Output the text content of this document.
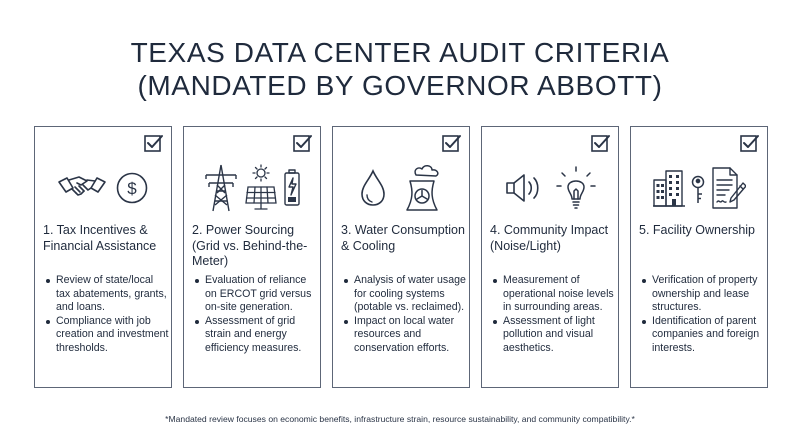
TEXAS DATA CENTER AUDIT CRITERIA
(MANDATED BY GOVERNOR ABBOTT)
$
1. Tax Incentives & Financial Assistance
Review of state/local tax abatements, grants, and loans.
Compliance with job creation and investment thresholds.
2. Power Sourcing (Grid vs. Behind-the-Meter)
Evaluation of reliance on ERCOT grid versus on-site generation.
Assessment of grid strain and energy efficiency measures.
3. Water Consumption & Cooling
Analysis of water usage for cooling systems (potable vs. reclaimed).
Impact on local water resources and conservation efforts.
4. Community Impact (Noise/Light)
Measurement of operational noise levels in surrounding areas.
Assessment of light pollution and visual aesthetics.
5. Facility Ownership
Verification of property ownership and lease structures.
Identification of parent companies and foreign interests.
*Mandated review focuses on economic benefits, infrastructure strain, resource sustainability, and community compatibility.*
